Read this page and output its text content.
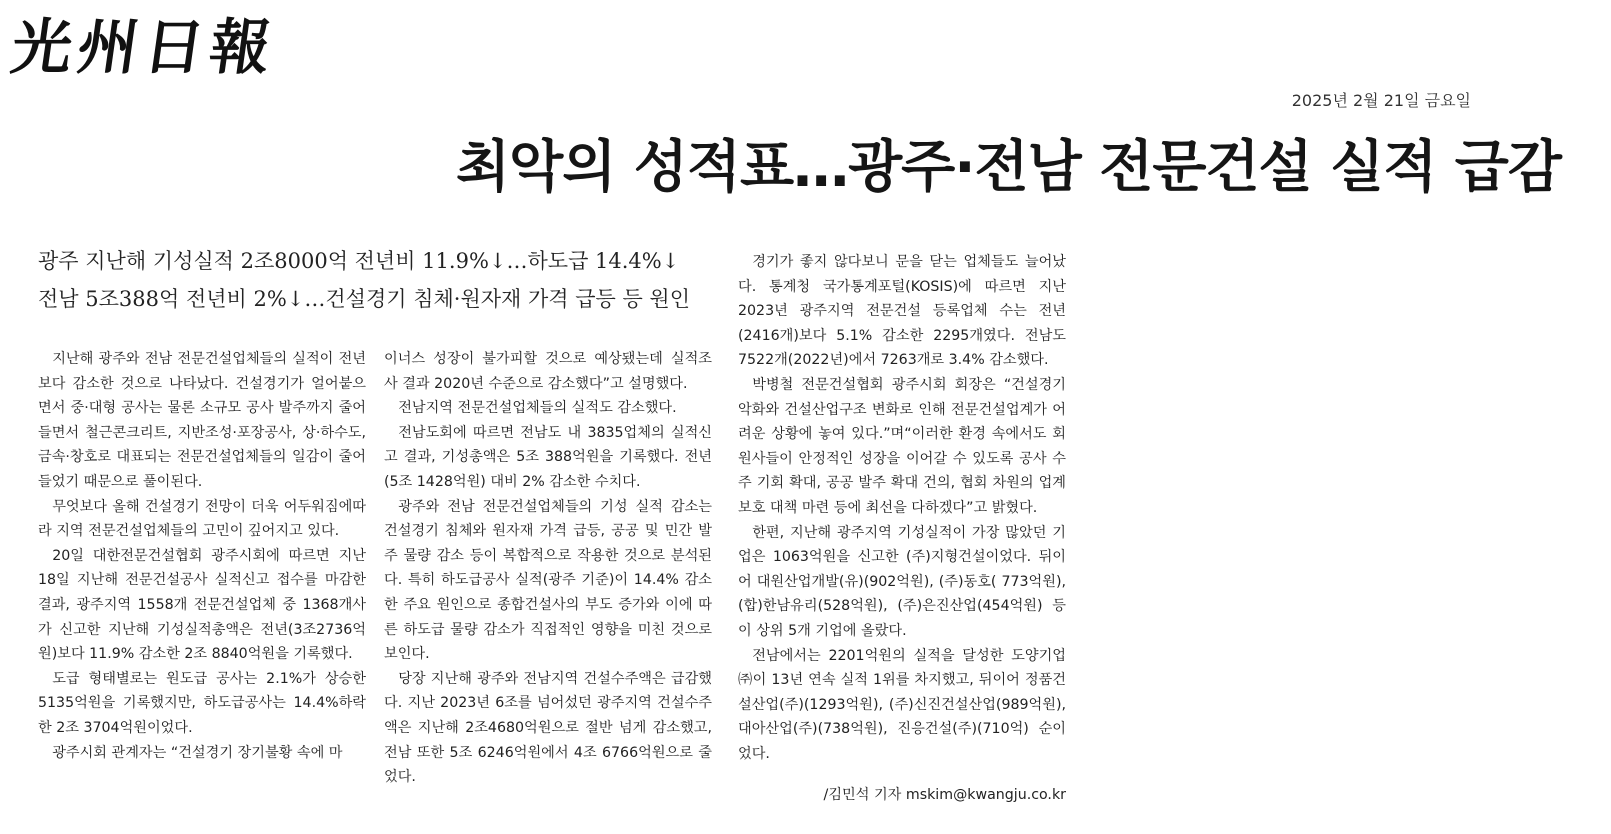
光州日報
2025년 2월 21일 금요일
최악의 성적표…광주·전남 전문건설 실적 급감
광주 지난해 기성실적 2조8000억 전년비 11.9%↓…하도급 14.4%↓
전남 5조388억 전년비 2%↓…건설경기 침체·원자재 가격 급등 등 원인

지난해 광주와 전남 전문건설업체들의 실적이 전년보다 감소한 것으로 나타났다. 건설경기가 얼어붙으면서 중·대형 공사는 물론 소규모 공사 발주까지 줄어들면서 철근콘크리트, 지반조성·포장공사, 상·하수도, 금속·창호로 대표되는 전문건설업체들의 일감이 줄어들었기 때문으로 풀이된다.

무엇보다 올해 건설경기 전망이 더욱 어두워짐에따라 지역 전문건설업체들의 고민이 깊어지고 있다.

20일 대한전문건설협회 광주시회에 따르면 지난 18일 지난해 전문건설공사 실적신고 접수를 마감한 결과, 광주지역 1558개 전문건설업체 중 1368개사가 신고한 지난해 기성실적총액은 전년(3조2736억원)보다 11.9% 감소한 2조 8840억원을 기록했다.

도급 형태별로는 원도급 공사는 2.1%가 상승한 5135억원을 기록했지만, 하도급공사는 14.4%하락한 2조 3704억원이었다.

광주시회 관계자는 “건설경기 장기불황 속에 마

이너스 성장이 불가피할 것으로 예상됐는데 실적조 사 결과 2020년 수준으로 감소했다”고 설명했다.

전남지역 전문건설업체들의 실적도 감소했다.

전남도회에 따르면 전남도 내 3835업체의 실적신고 결과, 기성총액은 5조 388억원을 기록했다. 전년(5조 1428억원) 대비 2% 감소한 수치다.

광주와 전남 전문건설업체들의 기성 실적 감소는 건설경기 침체와 원자재 가격 급등, 공공 및 민간 발주 물량 감소 등이 복합적으로 작용한 것으로 분석된다. 특히 하도급공사 실적(광주 기준)이 14.4% 감소한 주요 원인으로 종합건설사의 부도 증가와 이에 따른 하도급 물량 감소가 직접적인 영향을 미친 것으로 보인다.

당장 지난해 광주와 전남지역 건설수주액은 급감했다. 지난 2023년 6조를 넘어섰던 광주지역 건설수주액은 지난해 2조4680억원으로 절반 넘게 감소했고, 전남 또한 5조 6246억원에서 4조 6766억원으로 줄었다.

경기가 좋지 않다보니 문을 닫는 업체들도 늘어났다. 통계청 국가통계포털(KOSIS)에 따르면 지난 2023년 광주지역 전문건설 등록업체 수는 전년(2416개)보다 5.1% 감소한 2295개였다. 전남도 7522개(2022년)에서 7263개로 3.4% 감소했다.

박병철 전문건설협회 광주시회 회장은 “건설경기 악화와 건설산업구조 변화로 인해 전문건설업계가 어려운 상황에 놓여 있다.”며“이러한 환경 속에서도 회원사들이 안정적인 성장을 이어갈 수 있도록 공사 수주 기회 확대, 공공 발주 확대 건의, 협회 차원의 업계 보호 대책 마련 등에 최선을 다하겠다”고 밝혔다.

한편, 지난해 광주지역 기성실적이 가장 많았던 기업은 1063억원을 신고한 (주)지형건설이었다. 뒤이어 대원산업개발(유)(902억원), (주)동호( 773억원), (합)한남유리(528억원), (주)은진산업(454억원) 등이 상위 5개 기업에 올랐다.

전남에서는 2201억원의 실적을 달성한 도양기업㈜이 13년 연속 실적 1위를 차지했고, 뒤이어 정품건설산업(주)(1293억원), (주)신진건설산업(989억원), 대아산업(주)(738억원), 진응건설(주)(710억) 순이었다.

/김민석 기자 mskim@kwangju.co.kr
